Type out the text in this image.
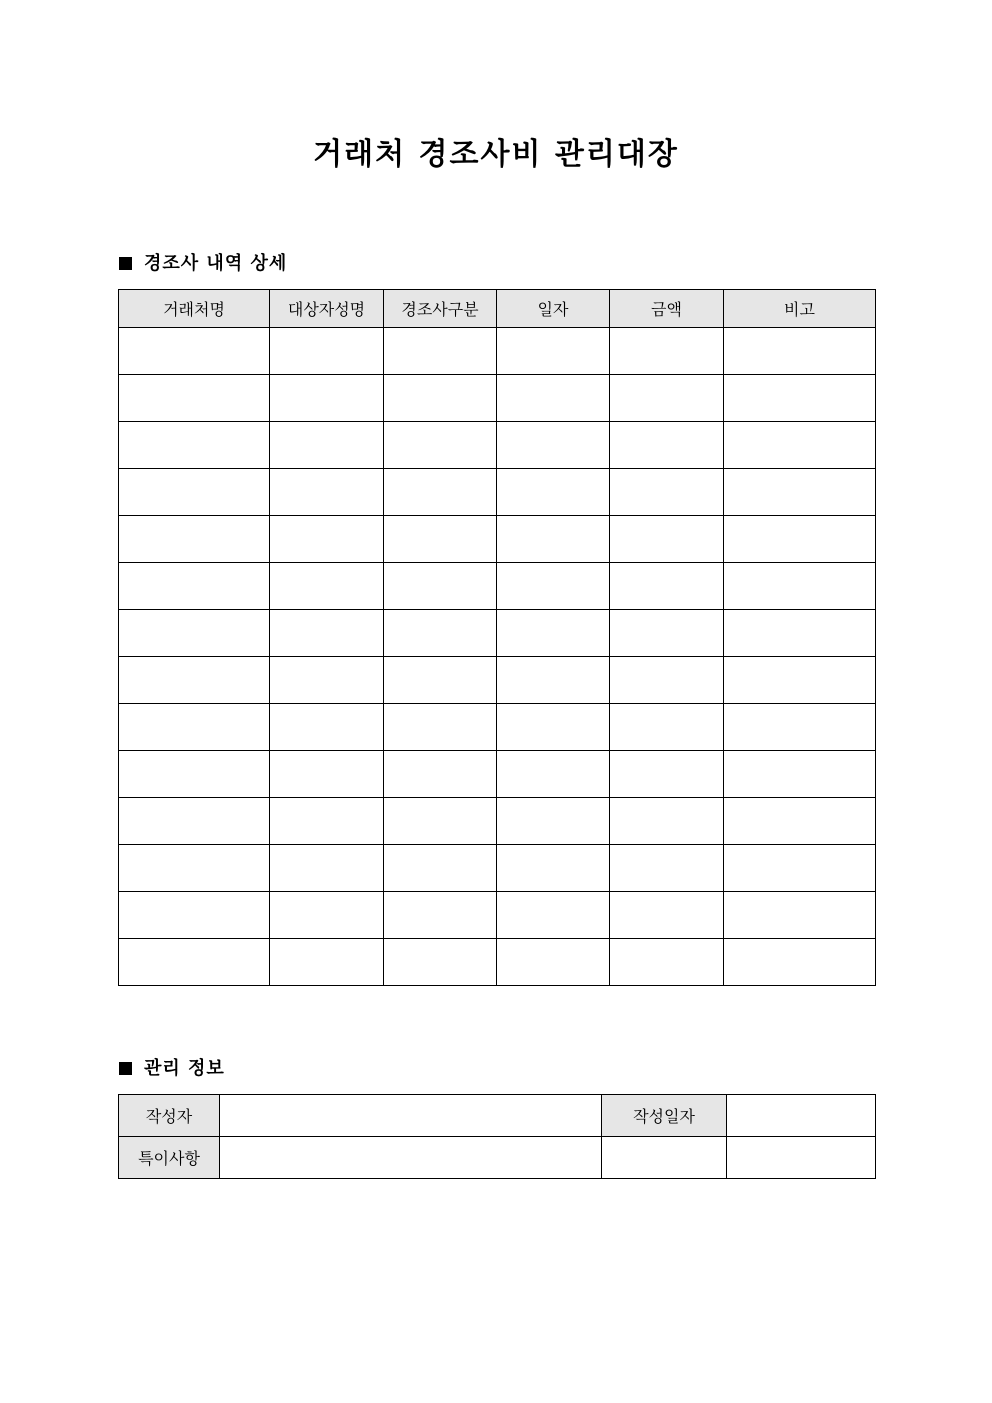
거래처 경조사비 관리대장
경조사 내역 상세
거래처명	대상자성명	경조사구분	일자	금액	비고

관리 정보
작성자		작성일자	
특이사항			
